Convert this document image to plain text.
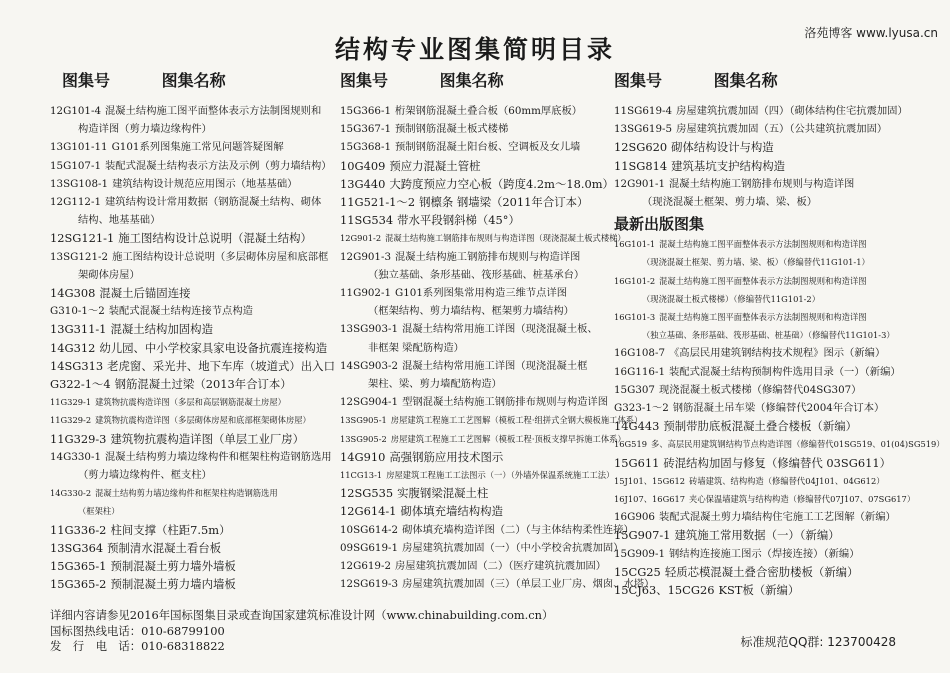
洛苑博客 www.lyusa.cn
标准规范QQ群: 123700428
结构专业图集简明目录
图集号	图集名称
12G101-4 混凝土结构施工图平面整体表示方法制图规则和
构造详图（剪力墙边缘构件）
13G101-11 G101系列图集施工常见问题答疑图解
15G107-1 装配式混凝土结构表示方法及示例（剪力墙结构）
13SG108-1 建筑结构设计规范应用图示（地基基础）
12G112-1 建筑结构设计常用数据（钢筋混凝土结构、砌体
结构、地基基础）
12SG121-1 施工图结构设计总说明（混凝土结构）
13SG121-2 施工图结构设计总说明（多层砌体房屋和底部框
架砌体房屋）
14G308 混凝土后锚固连接
G310-1～2 装配式混凝土结构连接节点构造
13G311-1 混凝土结构加固构造
14G312 幼儿园、中小学校家具家电设备抗震连接构造
14SG313 老虎窗、采光井、地下车库（坡道式）出入口
G322-1～4 钢筋混凝土过梁（2013年合订本）
11G329-1 建筑物抗震构造详图（多层和高层钢筋混凝土房屋）
11G329-2 建筑物抗震构造详图（多层砌体房屋和底部框架砌体房屋）
11G329-3 建筑物抗震构造详图（单层工业厂房）
14G330-1 混凝土结构剪力墙边缘构件和框架柱构造钢筋选用
（剪力墙边缘构件、框支柱）
14G330-2 混凝土结构剪力墙边缘构件和框架柱构造钢筋选用
（框架柱）
11G336-2 柱间支撑（柱距7.5m）
13SG364 预制清水混凝土看台板
15G365-1 预制混凝土剪力墙外墙板
15G365-2 预制混凝土剪力墙内墙板
图集号	图集名称
15G366-1 桁架钢筋混凝土叠合板（60mm厚底板）
15G367-1 预制钢筋混凝土板式楼梯
15G368-1 预制钢筋混凝土阳台板、空调板及女儿墙
10G409 预应力混凝土管桩
13G440 大跨度预应力空心板（跨度4.2m～18.0m）
11G521-1～2 钢檩条 钢墙梁（2011年合订本）
11SG534 带水平段钢斜梯（45°）
12G901-2 混凝土结构施工钢筋排布规则与构造详图（现浇混凝土板式楼梯）
12G901-3 混凝土结构施工钢筋排布规则与构造详图
（独立基础、条形基础、筏形基础、桩基承台）
11G902-1 G101系列图集常用构造三维节点详图
（框架结构、剪力墙结构、框架剪力墙结构）
13SG903-1 混凝土结构常用施工详图（现浇混凝土板、
非框架 梁配筋构造）
14SG903-2 混凝土结构常用施工详图（现浇混凝土框
架柱、梁、剪力墙配筋构造）
12SG904-1 型钢混凝土结构施工钢筋排布规则与构造详图
13SG905-1 房屋建筑工程施工工艺图解（模板工程·组拼式全钢大模板施工体系）
13SG905-2 房屋建筑工程施工工艺图解（模板工程·顶板支撑早拆施工体系）
14G910 高强钢筋应用技术图示
11CG13-1 房屋建筑工程施工工法图示（一）（外墙外保温系统施工工法）
12SG535 实腹钢梁混凝土柱
12G614-1 砌体填充墙结构构造
10SG614-2 砌体填充墙构造详图（二）（与主体结构柔性连接）
09SG619-1 房屋建筑抗震加固（一）（中小学校舍抗震加固）
12G619-2 房屋建筑抗震加固（二）（医疗建筑抗震加固）
12SG619-3 房屋建筑抗震加固（三）（单层工业厂房、烟囱、水塔）
图集号	图集名称
11SG619-4 房屋建筑抗震加固（四）（砌体结构住宅抗震加固）
13SG619-5 房屋建筑抗震加固（五）（公共建筑抗震加固）
12SG620 砌体结构设计与构造
11SG814 建筑基坑支护结构构造
12G901-1 混凝土结构施工钢筋排布规则与构造详图
（现浇混凝土框架、剪力墙、梁、板）
最新出版图集
16G101-1 混凝土结构施工图平面整体表示方法制图规则和构造详图
（现浇混凝土框架、剪力墙、梁、板）（修编替代11G101-1）
16G101-2 混凝土结构施工图平面整体表示方法制图规则和构造详图
（现浇混凝土板式楼梯）（修编替代11G101-2）
16G101-3 混凝土结构施工图平面整体表示方法制图规则和构造详图
（独立基础、条形基础、筏形基础、桩基础）（修编替代11G101-3）
16G108-7 《高层民用建筑钢结构技术规程》图示（新编）
16G116-1 装配式混凝土结构预制构件选用目录（一）（新编）
15G307 现浇混凝土板式楼梯（修编替代04SG307）
G323-1～2 钢筋混凝土吊车梁（修编替代2004年合订本）
14G443 预制带肋底板混凝土叠合楼板（新编）
16G519 多、高层民用建筑钢结构节点构造详图（修编替代01SG519、01(04)SG519）
15G611 砖混结构加固与修复（修编替代 03SG611）
15J101、15G612 砖墙建筑、结构构造（修编替代04J101、04G612）
16J107、16G617 夹心保温墙建筑与结构构造（修编替代07J107、07SG617）
16G906 装配式混凝土剪力墙结构住宅施工工艺图解（新编）
15G907-1 建筑施工常用数据（一）（新编）
15G909-1 钢结构连接施工图示（焊接连接）（新编）
15CG25 轻质芯模混凝土叠合密肋楼板（新编）
15CJ63、15CG26 KST板（新编）
详细内容请参见2016年国标图集目录或查询国家建筑标准设计网（www.chinabuilding.com.cn）
国标图热线电话：010-68799100
发　行　电　话：010-68318822
